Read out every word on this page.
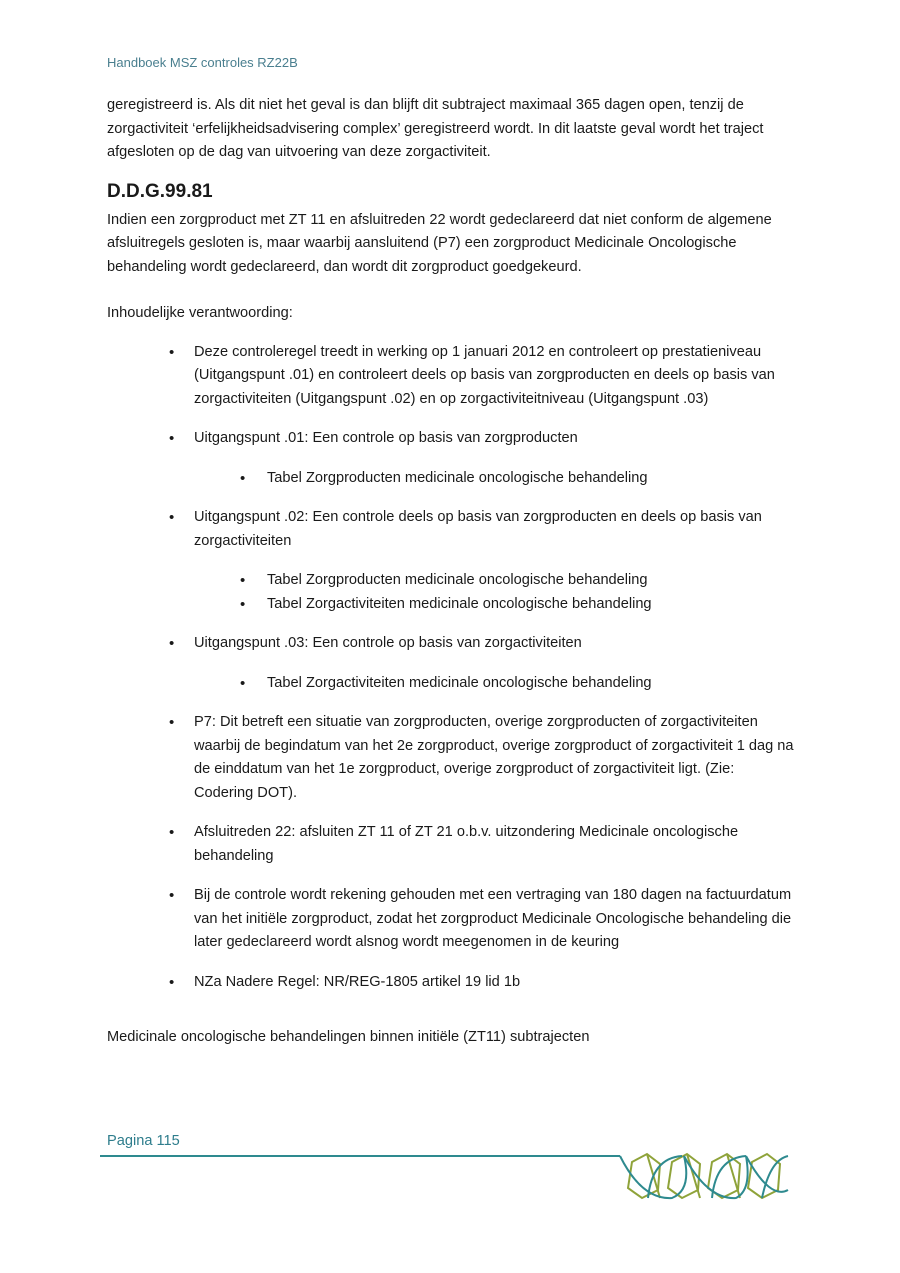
Handboek MSZ controles RZ22B

geregistreerd is. Als dit niet het geval is dan blijft dit subtraject maximaal 365 dagen open, tenzij de zorgactiviteit ‘erfelijkheidsadvisering complex’ geregistreerd wordt. In dit laatste geval wordt het traject afgesloten op de dag van uitvoering van deze zorgactiviteit.

D.D.G.99.81

Indien een zorgproduct met ZT 11 en afsluitreden 22 wordt gedeclareerd dat niet conform de algemene afsluitregels gesloten is, maar waarbij aansluitend (P7) een zorgproduct Medicinale Oncologische behandeling wordt gedeclareerd, dan wordt dit zorgproduct goedgekeurd.

Inhoudelijke verantwoording:

• Deze controleregel treedt in werking op 1 januari 2012 en controleert op prestatieniveau (Uitgangspunt .01) en controleert deels op basis van zorgproducten en deels op basis van zorgactiviteiten (Uitgangspunt .02) en op zorgactiviteitniveau (Uitgangspunt .03)
• Uitgangspunt .01: Een controle op basis van zorgproducten
• Tabel Zorgproducten medicinale oncologische behandeling
• Uitgangspunt .02: Een controle deels op basis van zorgproducten en deels op basis van zorgactiviteiten
• Tabel Zorgproducten medicinale oncologische behandeling
• Tabel Zorgactiviteiten medicinale oncologische behandeling
• Uitgangspunt .03: Een controle op basis van zorgactiviteiten
• Tabel Zorgactiviteiten medicinale oncologische behandeling
• P7: Dit betreft een situatie van zorgproducten, overige zorgproducten of zorgactiviteiten waarbij de begindatum van het 2e zorgproduct, overige zorgproduct of zorgactiviteit 1 dag na de einddatum van het 1e zorgproduct, overige zorgproduct of zorgactiviteit ligt. (Zie: Codering DOT).
• Afsluitreden 22: afsluiten ZT 11 of ZT 21 o.b.v. uitzondering Medicinale oncologische behandeling
• Bij de controle wordt rekening gehouden met een vertraging van 180 dagen na factuurdatum van het initiële zorgproduct, zodat het zorgproduct Medicinale Oncologische behandeling die later gedeclareerd wordt alsnog wordt meegenomen in de keuring
• NZa Nadere Regel: NR/REG-1805 artikel 19 lid 1b

Medicinale oncologische behandelingen binnen initiële (ZT11) subtrajecten

Pagina 115
